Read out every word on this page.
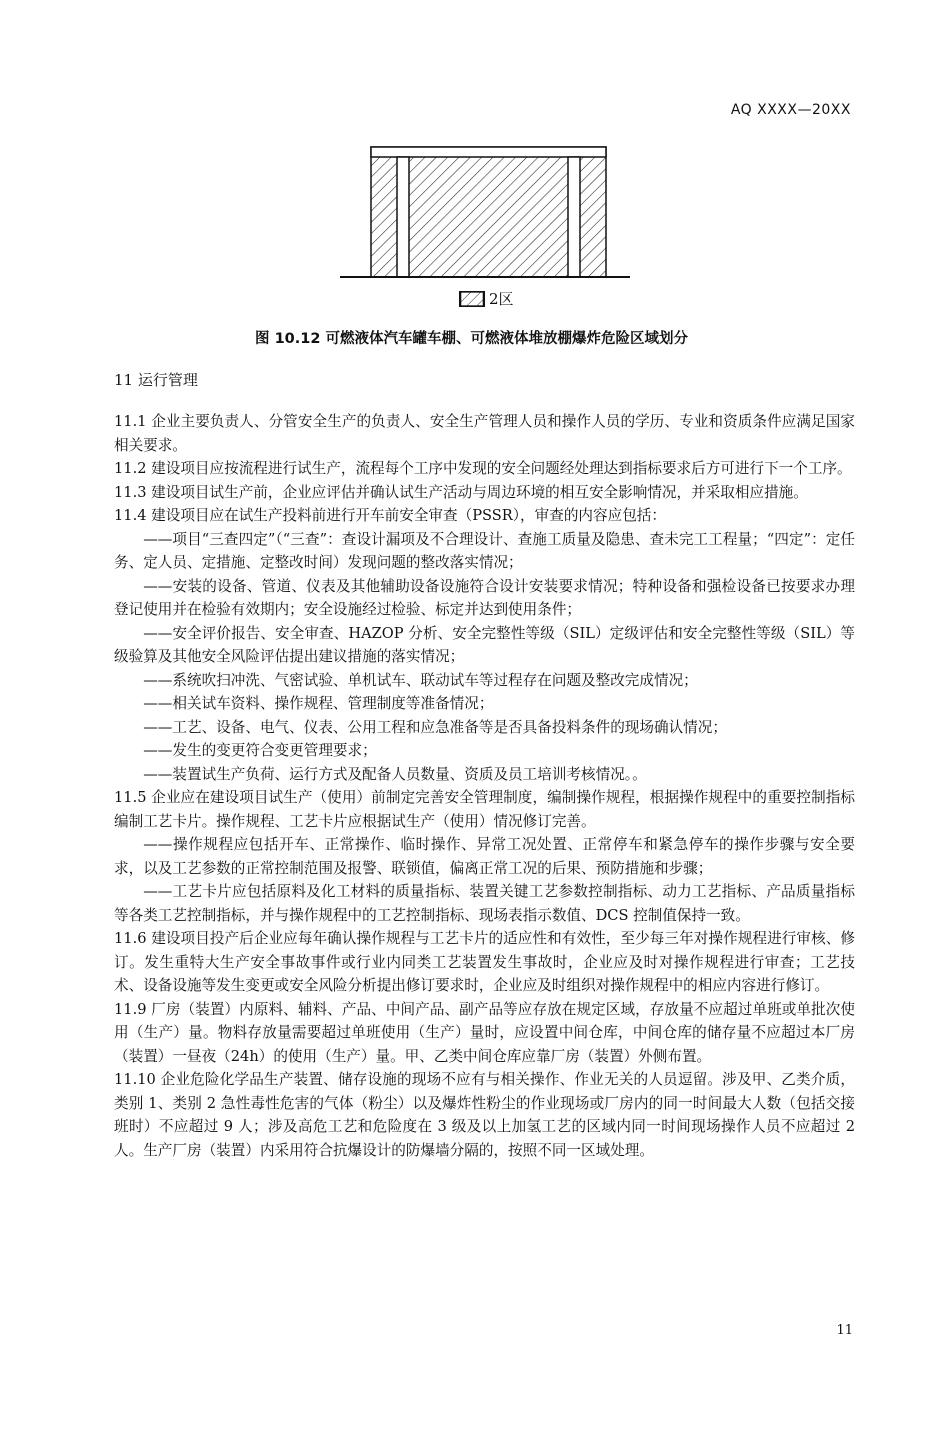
AQ XXXX—20XX
2区
图 10.12 可燃液体汽车罐车棚、可燃液体堆放棚爆炸危险区域划分
11 运行管理

11.1 企业主要负责人、分管安全生产的负责人、安全生产管理人员和操作人员的学历、专业和资质条件应满足国家相关要求。

11.2 建设项目应按流程进行试生产，流程每个工序中发现的安全问题经处理达到指标要求后方可进行下一个工序。

11.3 建设项目试生产前，企业应评估并确认试生产活动与周边环境的相互安全影响情况，并采取相应措施。

11.4 建设项目应在试生产投料前进行开车前安全审查（PSSR），审查的内容应包括：

——项目“三查四定”（“三查”：查设计漏项及不合理设计、查施工质量及隐患、查未完工工程量；“四定”：定任务、定人员、定措施、定整改时间）发现问题的整改落实情况；

——安装的设备、管道、仪表及其他辅助设备设施符合设计安装要求情况；特种设备和强检设备已按要求办理登记使用并在检验有效期内；安全设施经过检验、标定并达到使用条件；

——安全评价报告、安全审查、HAZOP 分析、安全完整性等级（SIL）定级评估和安全完整性等级（SIL）等级验算及其他安全风险评估提出建议措施的落实情况；

——系统吹扫冲洗、气密试验、单机试车、联动试车等过程存在问题及整改完成情况；

——相关试车资料、操作规程、管理制度等准备情况；

——工艺、设备、电气、仪表、公用工程和应急准备等是否具备投料条件的现场确认情况；

——发生的变更符合变更管理要求；

——装置试生产负荷、运行方式及配备人员数量、资质及员工培训考核情况。。

11.5 企业应在建设项目试生产（使用）前制定完善安全管理制度，编制操作规程，根据操作规程中的重要控制指标编制工艺卡片。操作规程、工艺卡片应根据试生产（使用）情况修订完善。

——操作规程应包括开车、正常操作、临时操作、异常工况处置、正常停车和紧急停车的操作步骤与安全要求，以及工艺参数的正常控制范围及报警、联锁值，偏离正常工况的后果、预防措施和步骤；

——工艺卡片应包括原料及化工材料的质量指标、装置关键工艺参数控制指标、动力工艺指标、产品质量指标等各类工艺控制指标，并与操作规程中的工艺控制指标、现场表指示数值、DCS 控制值保持一致。

11.6 建设项目投产后企业应每年确认操作规程与工艺卡片的适应性和有效性，至少每三年对操作规程进行审核、修订。发生重特大生产安全事故事件或行业内同类工艺装置发生事故时，企业应及时对操作规程进行审查；工艺技术、设备设施等发生变更或安全风险分析提出修订要求时，企业应及时组织对操作规程中的相应内容进行修订。

11.9 厂房（装置）内原料、辅料、产品、中间产品、副产品等应存放在规定区域，存放量不应超过单班或单批次使用（生产）量。物料存放量需要超过单班使用（生产）量时，应设置中间仓库，中间仓库的储存量不应超过本厂房（装置）一昼夜（24h）的使用（生产）量。甲、乙类中间仓库应靠厂房（装置）外侧布置。

11.10 企业危险化学品生产装置、储存设施的现场不应有与相关操作、作业无关的人员逗留。涉及甲、乙类介质，类别 1、类别 2 急性毒性危害的气体（粉尘）以及爆炸性粉尘的作业现场或厂房内的同一时间最大人数（包括交接班时）不应超过 9 人；涉及高危工艺和危险度在 3 级及以上加氢工艺的区域内同一时间现场操作人员不应超过 2 人。生产厂房（装置）内采用符合抗爆设计的防爆墙分隔的，按照不同一区域处理。

11
